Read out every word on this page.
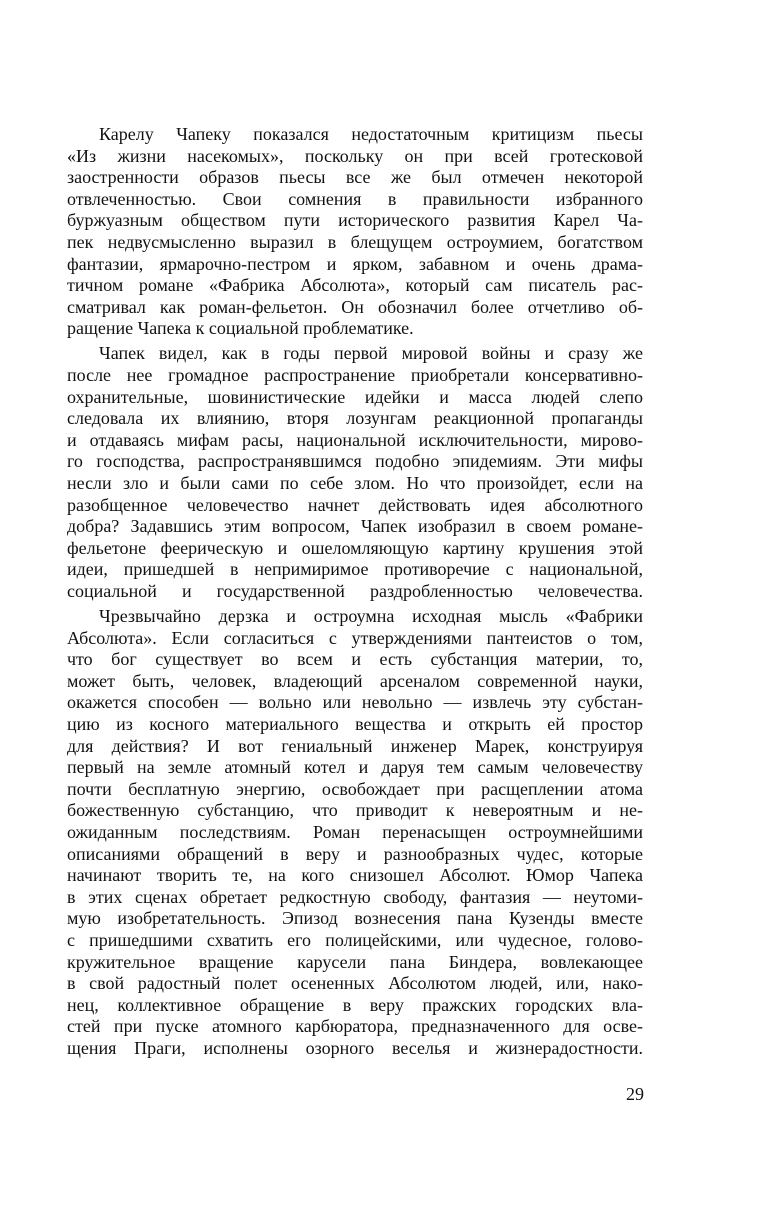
Карелу Чапеку показался недостаточным критицизм пьесы
«Из жизни насекомых», поскольку он при всей гротесковой
заостренности образов пьесы все же был отмечен некоторой
отвлеченностью. Свои сомнения в правильности избранного
буржуазным обществом пути исторического развития Карел Ча-
пек недвусмысленно выразил в блещущем остроумием, богатством
фантазии, ярмарочно-пестром и ярком, забавном и очень драма-
тичном романе «Фабрика Абсолюта», который сам писатель рас-
сматривал как роман-фельетон. Он обозначил более отчетливо об-
ращение Чапека к социальной проблематике.
Чапек видел, как в годы первой мировой войны и сразу же
после нее громадное распространение приобретали консервативно-
охранительные, шовинистические идейки и масса людей слепо
следовала их влиянию, вторя лозунгам реакционной пропаганды
и отдаваясь мифам расы, национальной исключительности, мирово-
го господства, распространявшимся подобно эпидемиям. Эти мифы
несли зло и были сами по себе злом. Но что произойдет, если на
разобщенное человечество начнет действовать идея абсолютного
добра? Задавшись этим вопросом, Чапек изобразил в своем романе-
фельетоне феерическую и ошеломляющую картину крушения этой
идеи, пришедшей в непримиримое противоречие с национальной,
социальной и государственной раздробленностью человечества.
Чрезвычайно дерзка и остроумна исходная мысль «Фабрики
Абсолюта». Если согласиться с утверждениями пантеистов о том,
что бог существует во всем и есть субстанция материи, то,
может быть, человек, владеющий арсеналом современной науки,
окажется способен — вольно или невольно — извлечь эту субстан-
цию из косного материального вещества и открыть ей простор
для действия? И вот гениальный инженер Марек, конструируя
первый на земле атомный котел и даруя тем самым человечеству
почти бесплатную энергию, освобождает при расщеплении атома
божественную субстанцию, что приводит к невероятным и не-
ожиданным последствиям. Роман перенасыщен остроумнейшими
описаниями обращений в веру и разнообразных чудес, которые
начинают творить те, на кого снизошел Абсолют. Юмор Чапека
в этих сценах обретает редкостную свободу, фантазия — неутоми-
мую изобретательность. Эпизод вознесения пана Кузенды вместе
с пришедшими схватить его полицейскими, или чудесное, голово-
кружительное вращение карусели пана Биндера, вовлекающее
в свой радостный полет осененных Абсолютом людей, или, нако-
нец, коллективное обращение в веру пражских городских вла-
стей при пуске атомного карбюратора, предназначенного для осве-
щения Праги, исполнены озорного веселья и жизнерадостности.
29
